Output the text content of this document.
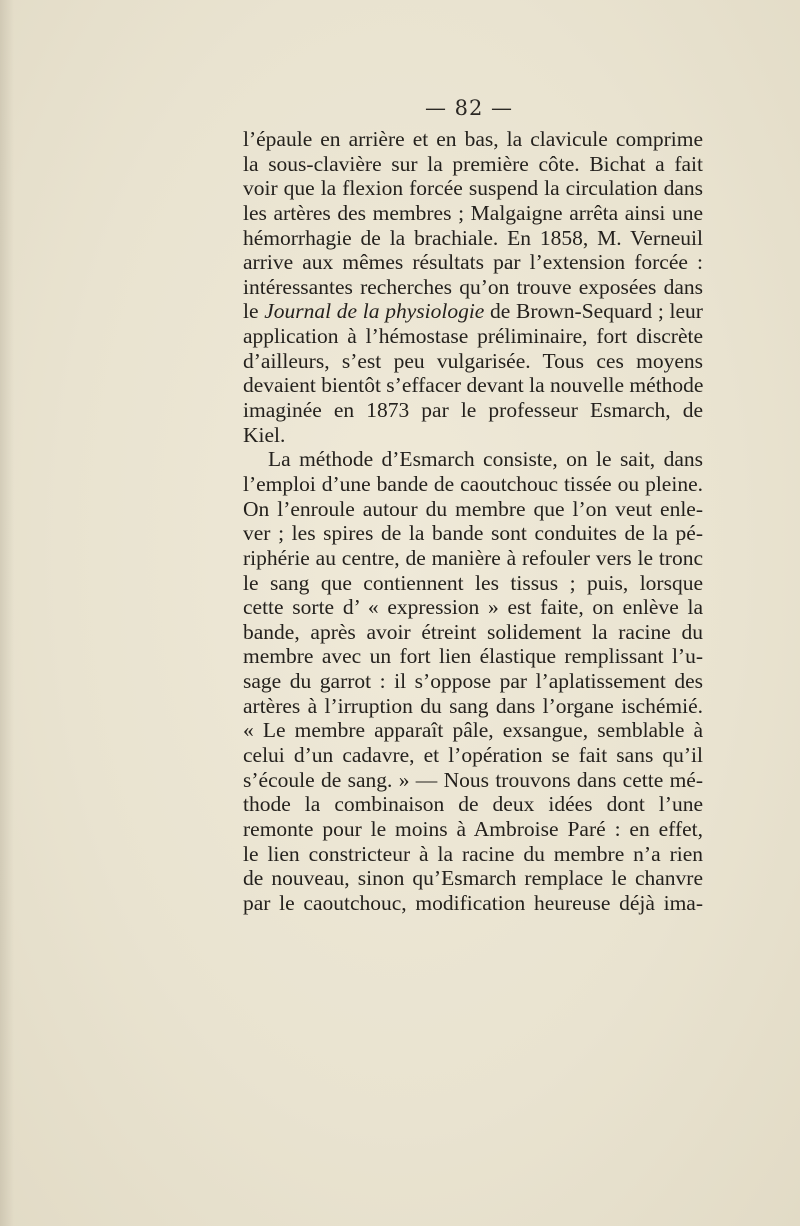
— 82 —
l’épaule en arrière et en bas, la clavicule comprime
la sous-clavière sur la première côte. Bichat a fait
voir que la flexion forcée suspend la circulation dans
les artères des membres ; Malgaigne arrêta ainsi une
hémorrhagie de la brachiale. En 1858, M. Verneuil
arrive aux mêmes résultats par l’extension forcée :
intéressantes recherches qu’on trouve exposées dans
le Journal de la physiologie de Brown-Sequard ; leur
application à l’hémostase préliminaire, fort discrète
d’ailleurs, s’est peu vulgarisée. Tous ces moyens
devaient bientôt s’effacer devant la nouvelle méthode
imaginée en 1873 par le professeur Esmarch, de
Kiel.
La méthode d’Esmarch consiste, on le sait, dans
l’emploi d’une bande de caoutchouc tissée ou pleine.
On l’enroule autour du membre que l’on veut enle-
ver ; les spires de la bande sont conduites de la pé-
riphérie au centre, de manière à refouler vers le tronc
le sang que contiennent les tissus ; puis, lorsque
cette sorte d’ « expression » est faite, on enlève la
bande, après avoir étreint solidement la racine du
membre avec un fort lien élastique remplissant l’u-
sage du garrot : il s’oppose par l’aplatissement des
artères à l’irruption du sang dans l’organe ischémié.
« Le membre apparaît pâle, exsangue, semblable à
celui d’un cadavre, et l’opération se fait sans qu’il
s’écoule de sang. » — Nous trouvons dans cette mé-
thode la combinaison de deux idées dont l’une
remonte pour le moins à Ambroise Paré : en effet,
le lien constricteur à la racine du membre n’a rien
de nouveau, sinon qu’Esmarch remplace le chanvre
par le caoutchouc, modification heureuse déjà ima-
